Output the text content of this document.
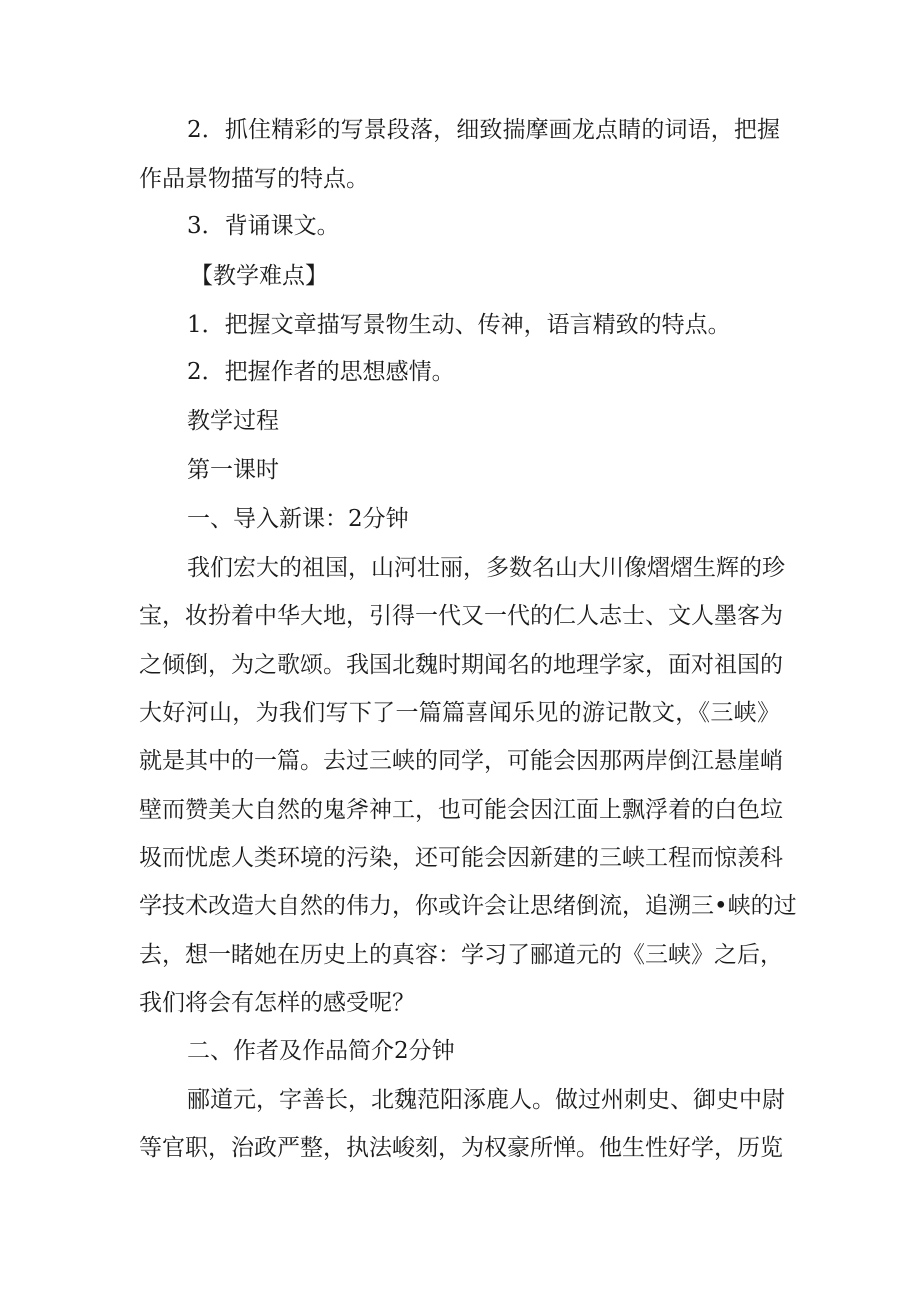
2．抓住精彩的写景段落，细致揣摩画龙点睛的词语，把握
作品景物描写的特点。
3．背诵课文。
【教学难点】
1．把握文章描写景物生动、传神，语言精致的特点。
2．把握作者的思想感情。
教学过程
第一课时
一、导入新课：2分钟
我们宏大的祖国，山河壮丽，多数名山大川像熠熠生辉的珍
宝，妆扮着中华大地，引得一代又一代的仁人志士、文人墨客为
之倾倒，为之歌颂。我国北魏时期闻名的地理学家，面对祖国的
大好河山，为我们写下了一篇篇喜闻乐见的游记散文，《三峡》
就是其中的一篇。去过三峡的同学，可能会因那两岸倒江悬崖峭
壁而赞美大自然的鬼斧神工，也可能会因江面上飘浮着的白色垃
圾而忧虑人类环境的污染，还可能会因新建的三峡工程而惊羡科
学技术改造大自然的伟力，你或许会让思绪倒流，追溯三•峡的过
去，想一睹她在历史上的真容：学习了郦道元的《三峡》之后，
我们将会有怎样的感受呢？
二、作者及作品简介2分钟
郦道元，字善长，北魏范阳涿鹿人。做过州刺史、御史中尉
等官职，治政严整，执法峻刻，为权豪所惮。他生性好学，历览
